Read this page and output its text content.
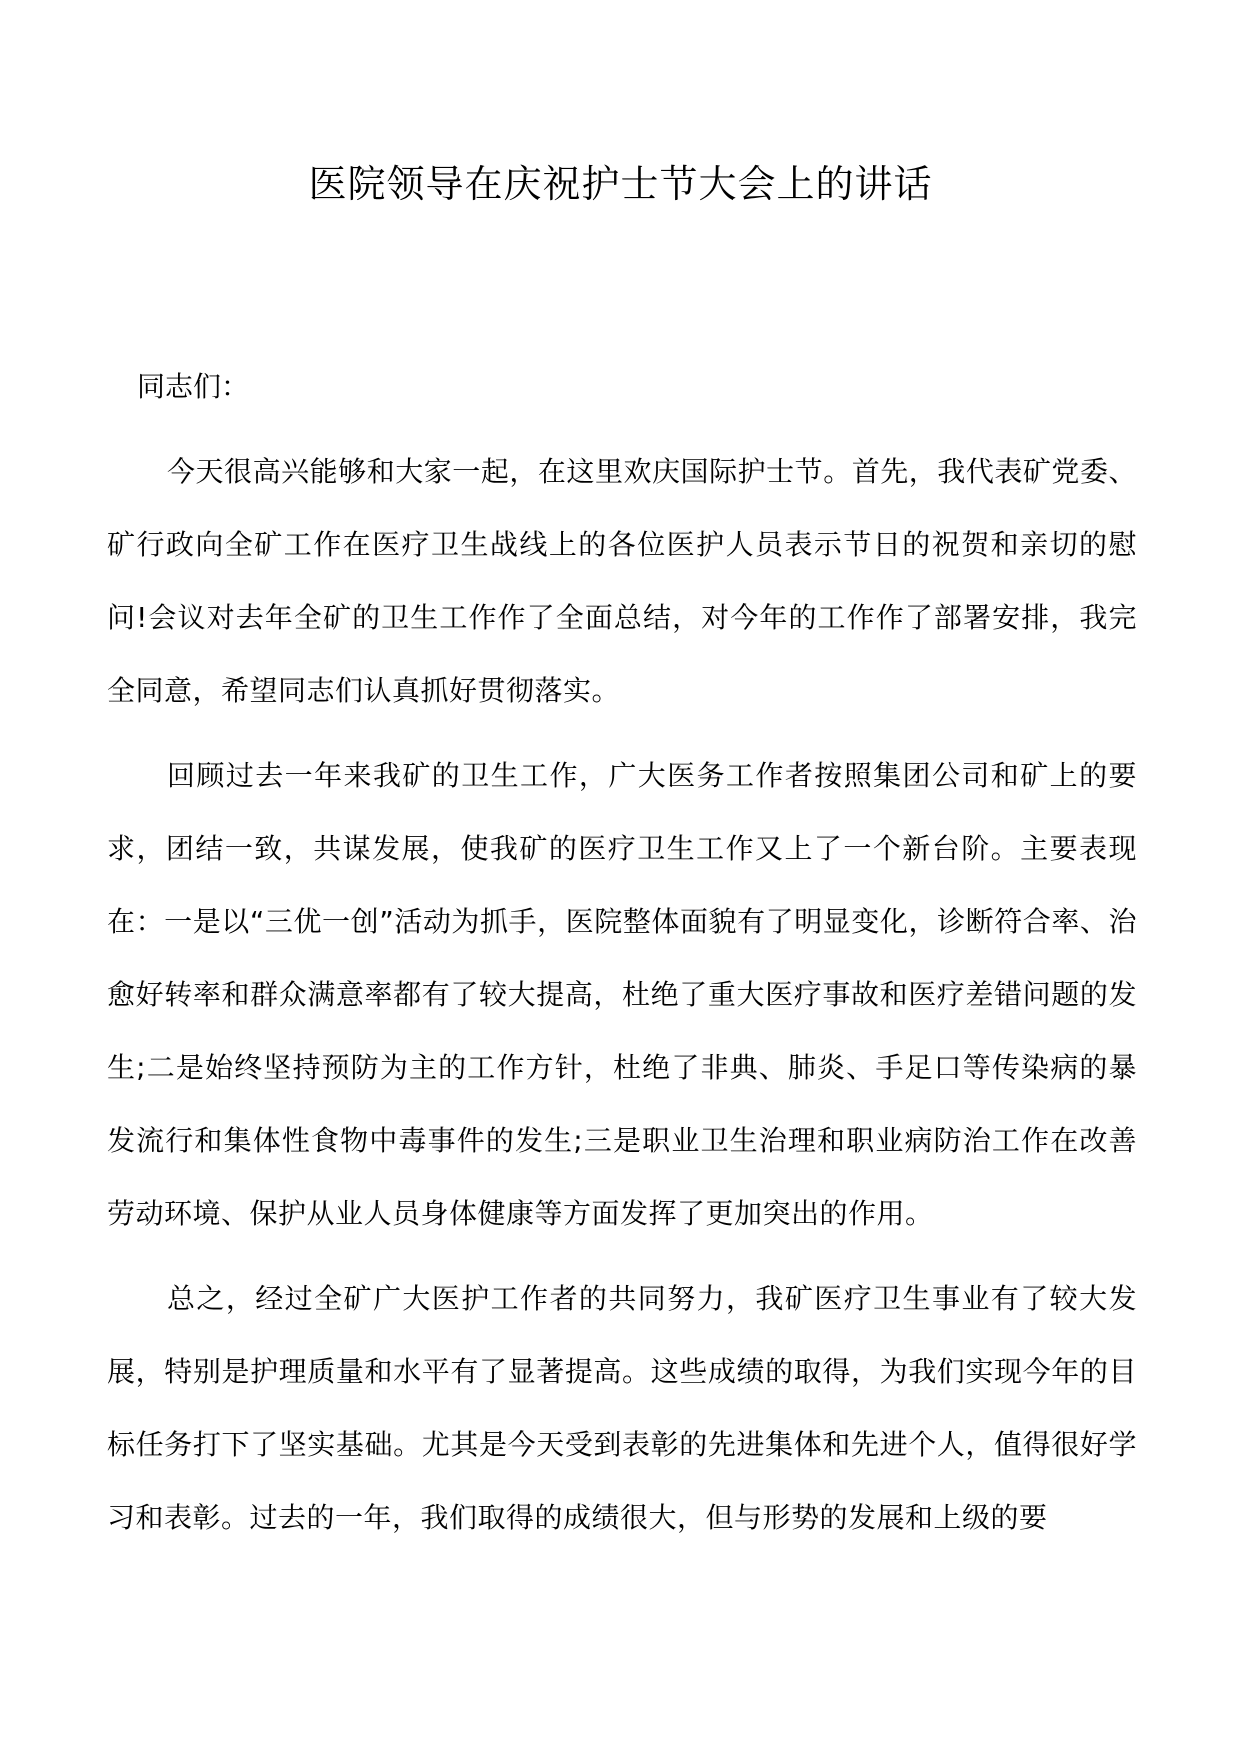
医院领导在庆祝护士节大会上的讲话

同志们：

今天很高兴能够和大家一起，在这里欢庆国际护士节。首先，我代表矿党委、矿行政向全矿工作在医疗卫生战线上的各位医护人员表示节日的祝贺和亲切的慰问!会议对去年全矿的卫生工作作了全面总结，对今年的工作作了部署安排，我完全同意，希望同志们认真抓好贯彻落实。

回顾过去一年来我矿的卫生工作，广大医务工作者按照集团公司和矿上的要求，团结一致，共谋发展，使我矿的医疗卫生工作又上了一个新台阶。主要表现在：一是以“三优一创”活动为抓手，医院整体面貌有了明显变化，诊断符合率、治愈好转率和群众满意率都有了较大提高，杜绝了重大医疗事故和医疗差错问题的发生;二是始终坚持预防为主的工作方针，杜绝了非典、肺炎、手足口等传染病的暴发流行和集体性食物中毒事件的发生;三是职业卫生治理和职业病防治工作在改善劳动环境、保护从业人员身体健康等方面发挥了更加突出的作用。

总之，经过全矿广大医护工作者的共同努力，我矿医疗卫生事业有了较大发展，特别是护理质量和水平有了显著提高。这些成绩的取得，为我们实现今年的目标任务打下了坚实基础。尤其是今天受到表彰的先进集体和先进个人，值得很好学习和表彰。过去的一年，我们取得的成绩很大，但与形势的发展和上级的要
